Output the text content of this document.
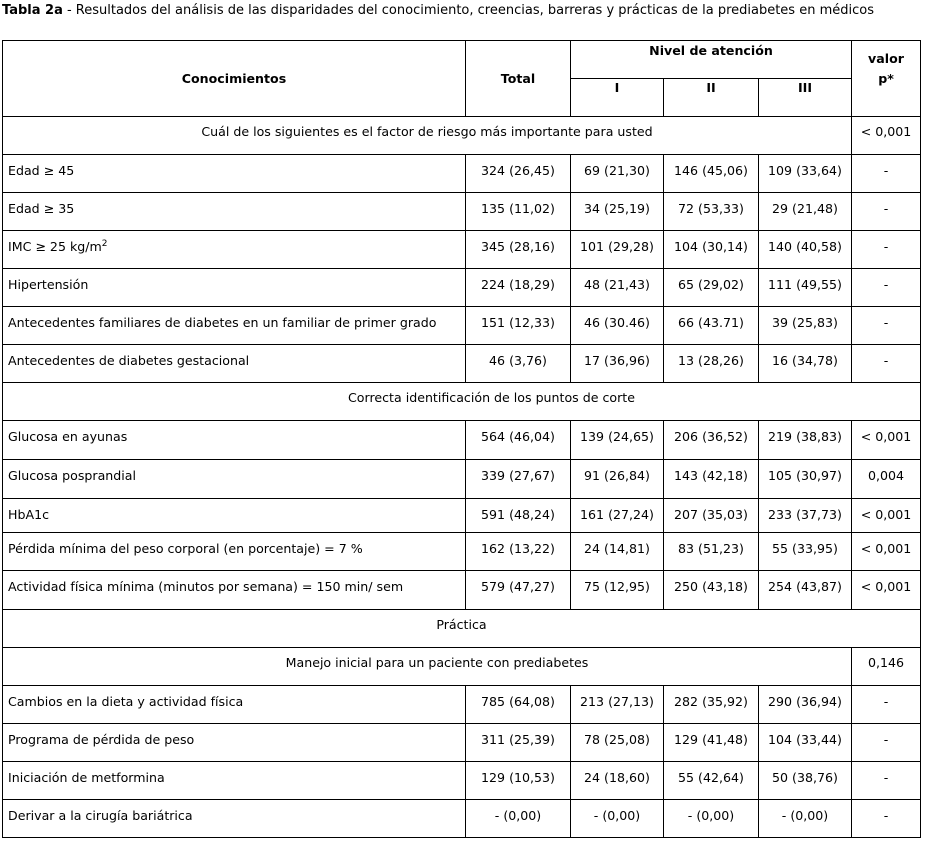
Tabla 2a - Resultados del análisis de las disparidades del conocimiento, creencias, barreras y prácticas de la prediabetes en médicos
Conocimientos	Total	Nivel de atención			valor
p*
		I	II	III	
Cuál de los siguientes es el factor de riesgo más importante para usted					< 0,001
Edad ≥ 45	324 (26,45)	69 (21,30)	146 (45,06)	109 (33,64)	-
Edad ≥ 35	135 (11,02)	34 (25,19)	72 (53,33)	29 (21,48)	-
IMC ≥ 25 $kg/m^2$	345 (28,16)	101 (29,28)	104 (30,14)	140 (40,58)	-
Hipertensión	224 (18,29)	48 (21,43)	65 (29,02)	111 (49,55)	-
Antecedentes familiares de diabetes en un familiar de primer grado	151 (12,33)	46 (30.46)	66 (43.71)	39 (25,83)	-
Antecedentes de diabetes gestacional	46 (3,76)	17 (36,96)	13 (28,26)	16 (34,78)	-
Correcta identificación de los puntos de corte					
Glucosa en ayunas	564 (46,04)	139 (24,65)	206 (36,52)	219 (38,83)	< 0,001
Glucosa posprandial	339 (27,67)	91 (26,84)	143 (42,18)	105 (30,97)	0,004
HbA1c	591 (48,24)	161 (27,24)	207 (35,03)	233 (37,73)	< 0,001
Pérdida mínima del peso corporal (en porcentaje) = 7 %	162 (13,22)	24 (14,81)	83 (51,23)	55 (33,95)	< 0,001
Actividad física mínima (minutos por semana) = 150 min/ sem	579 (47,27)	75 (12,95)	250 (43,18)	254 (43,87)	< 0,001
Práctica					
Manejo inicial para un paciente con prediabetes					0,146
Cambios en la dieta y actividad física	785 (64,08)	213 (27,13)	282 (35,92)	290 (36,94)	-
Programa de pérdida de peso	311 (25,39)	78 (25,08)	129 (41,48)	104 (33,44)	-
Iniciación de metformina	129 (10,53)	24 (18,60)	55 (42,64)	50 (38,76)	-
Derivar a la cirugía bariátrica	- (0,00)	- (0,00)	- (0,00)	- (0,00)	-
